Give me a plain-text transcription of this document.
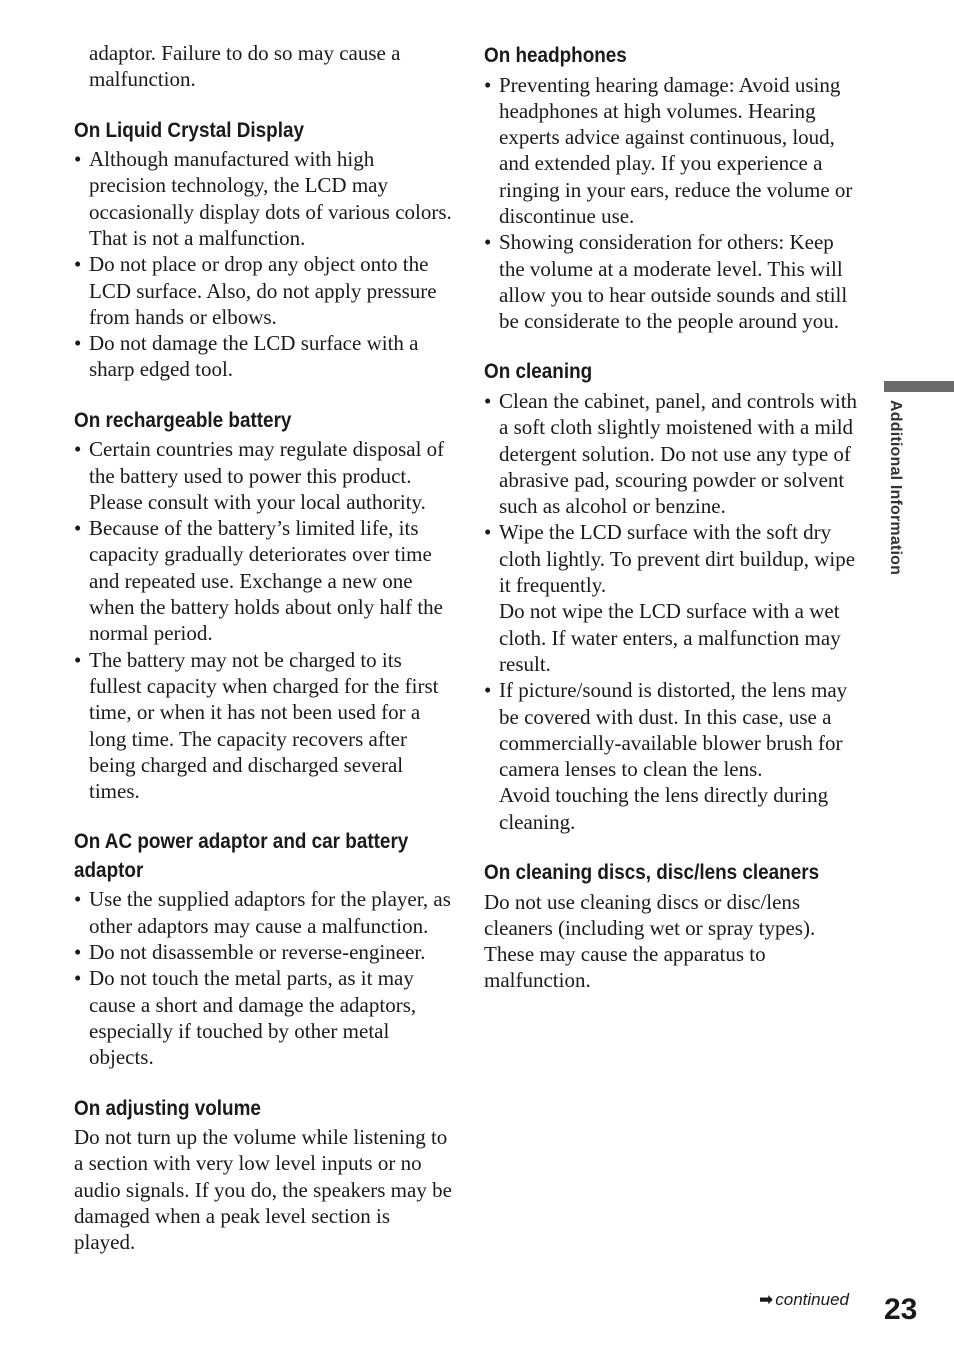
adaptor. Failure to do so may cause a malfunction.

On Liquid Crystal Display
• Although manufactured with high precision technology, the LCD may occasionally display dots of various colors. That is not a malfunction.
• Do not place or drop any object onto the LCD surface. Also, do not apply pressure from hands or elbows.
• Do not damage the LCD surface with a sharp edged tool.
On rechargeable battery
• Certain countries may regulate disposal of the battery used to power this product. Please consult with your local authority.
• Because of the battery’s limited life, its capacity gradually deteriorates over time and repeated use. Exchange a new one when the battery holds about only half the normal period.
• The battery may not be charged to its fullest capacity when charged for the first time, or when it has not been used for a long time. The capacity recovers after being charged and discharged several times.
On AC power adaptor and car battery adaptor
• Use the supplied adaptors for the player, as other adaptors may cause a malfunction.
• Do not disassemble or reverse-engineer.
• Do not touch the metal parts, as it may cause a short and damage the adaptors, especially if touched by other metal objects.
On adjusting volume

Do not turn up the volume while listening to a section with very low level inputs or no audio signals. If you do, the speakers may be damaged when a peak level section is played.

On headphones
• Preventing hearing damage: Avoid using headphones at high volumes. Hearing experts advice against continuous, loud, and extended play. If you experience a ringing in your ears, reduce the volume or discontinue use.
• Showing consideration for others: Keep the volume at a moderate level. This will allow you to hear outside sounds and still be considerate to the people around you.
On cleaning
• Clean the cabinet, panel, and controls with a soft cloth slightly moistened with a mild detergent solution. Do not use any type of abrasive pad, scouring powder or solvent such as alcohol or benzine.
• Wipe the LCD surface with the soft dry cloth lightly. To prevent dirt buildup, wipe it frequently.
Do not wipe the LCD surface with a wet cloth. If water enters, a malfunction may result.
• If picture/sound is distorted, the lens may be covered with dust. In this case, use a commercially-available blower brush for camera lenses to clean the lens.
Avoid touching the lens directly during cleaning.
On cleaning discs, disc/lens cleaners

Do not use cleaning discs or disc/lens cleaners (including wet or spray types). These may cause the apparatus to malfunction.

Additional Information
➡ continued 23
